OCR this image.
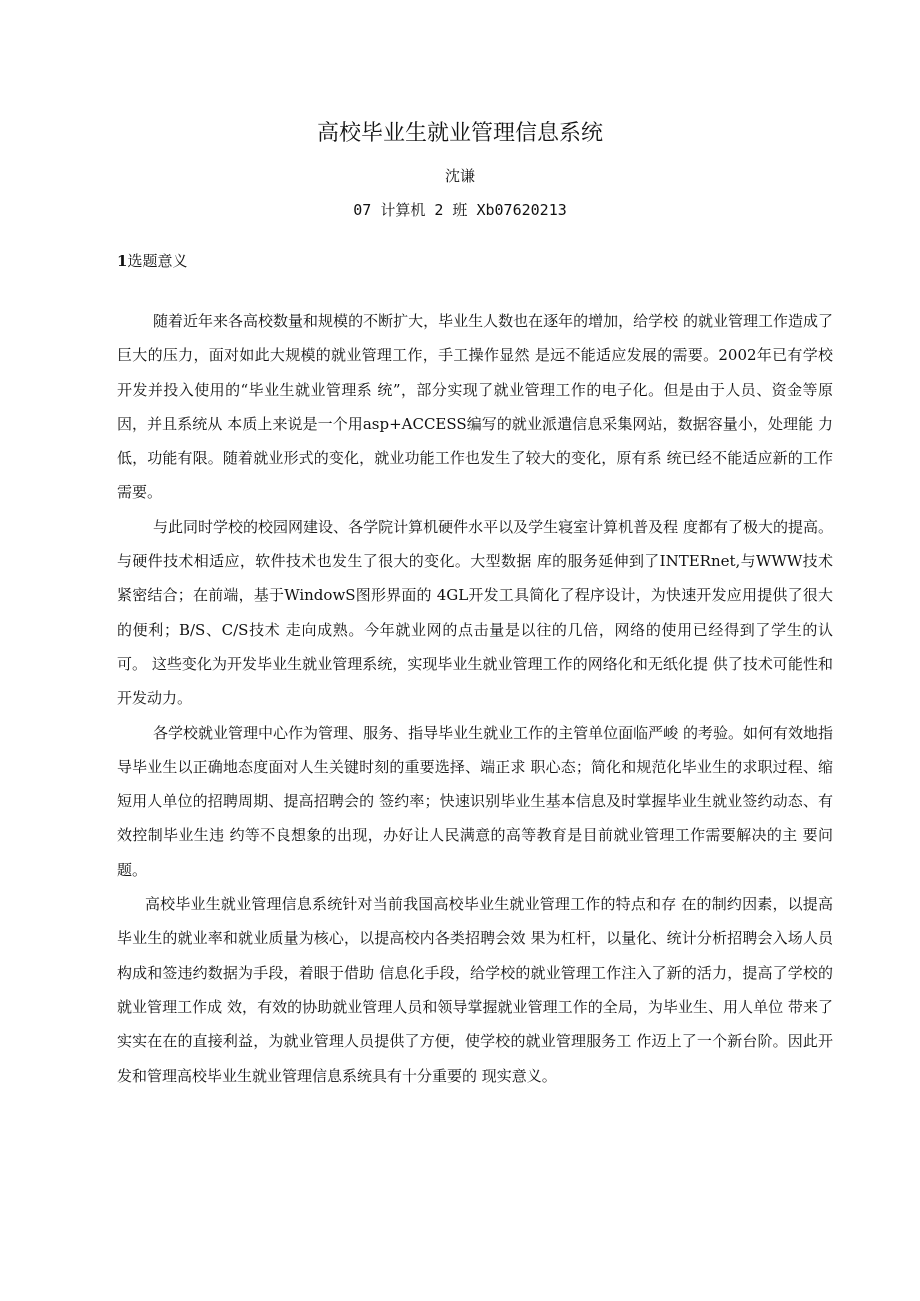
高校毕业生就业管理信息系统
沈谦
07 计算机 2 班 Xb07620213
1选题意义

随着近年来各高校数量和规模的不断扩大，毕业生人数也在逐年的增加，给学校 的就业管理工作造成了巨大的压力，面对如此大规模的就业管理工作，手工操作显然 是远不能适应发展的需要。2002年已有学校开发并投入使用的“毕业生就业管理系 统”，部分实现了就业管理工作的电子化。但是由于人员、资金等原因，并且系统从 本质上来说是一个用asp+ACCESS编写的就业派遣信息采集网站，数据容量小，处理能 力低，功能有限。随着就业形式的变化，就业功能工作也发生了较大的变化，原有系 统已经不能适应新的工作需要。

与此同时学校的校园网建设、各学院计算机硬件水平以及学生寝室计算机普及程 度都有了极大的提高。与硬件技术相适应，软件技术也发生了很大的变化。大型数据 库的服务延伸到了INTERnet,与WWW技术紧密结合；在前端，基于WindowS图形界面的 4GL开发工具简化了程序设计，为快速开发应用提供了很大的便利；B/S、C/S技术 走向成熟。今年就业网的点击量是以往的几倍，网络的使用已经得到了学生的认可。 这些变化为开发毕业生就业管理系统，实现毕业生就业管理工作的网络化和无纸化提 供了技术可能性和开发动力。

各学校就业管理中心作为管理、服务、指导毕业生就业工作的主管单位面临严峻 的考验。如何有效地指导毕业生以正确地态度面对人生关键时刻的重要选择、端正求 职心态；简化和规范化毕业生的求职过程、缩短用人单位的招聘周期、提高招聘会的 签约率；快速识别毕业生基本信息及时掌握毕业生就业签约动态、有效控制毕业生违 约等不良想象的出现，办好让人民满意的高等教育是目前就业管理工作需要解决的主 要问题。

高校毕业生就业管理信息系统针对当前我国高校毕业生就业管理工作的特点和存 在的制约因素，以提高毕业生的就业率和就业质量为核心，以提高校内各类招聘会效 果为杠杆，以量化、统计分析招聘会入场人员构成和签违约数据为手段，着眼于借助 信息化手段，给学校的就业管理工作注入了新的活力，提高了学校的就业管理工作成 效，有效的协助就业管理人员和领导掌握就业管理工作的全局，为毕业生、用人单位 带来了实实在在的直接利益，为就业管理人员提供了方便，使学校的就业管理服务工 作迈上了一个新台阶。因此开发和管理高校毕业生就业管理信息系统具有十分重要的 现实意义。
